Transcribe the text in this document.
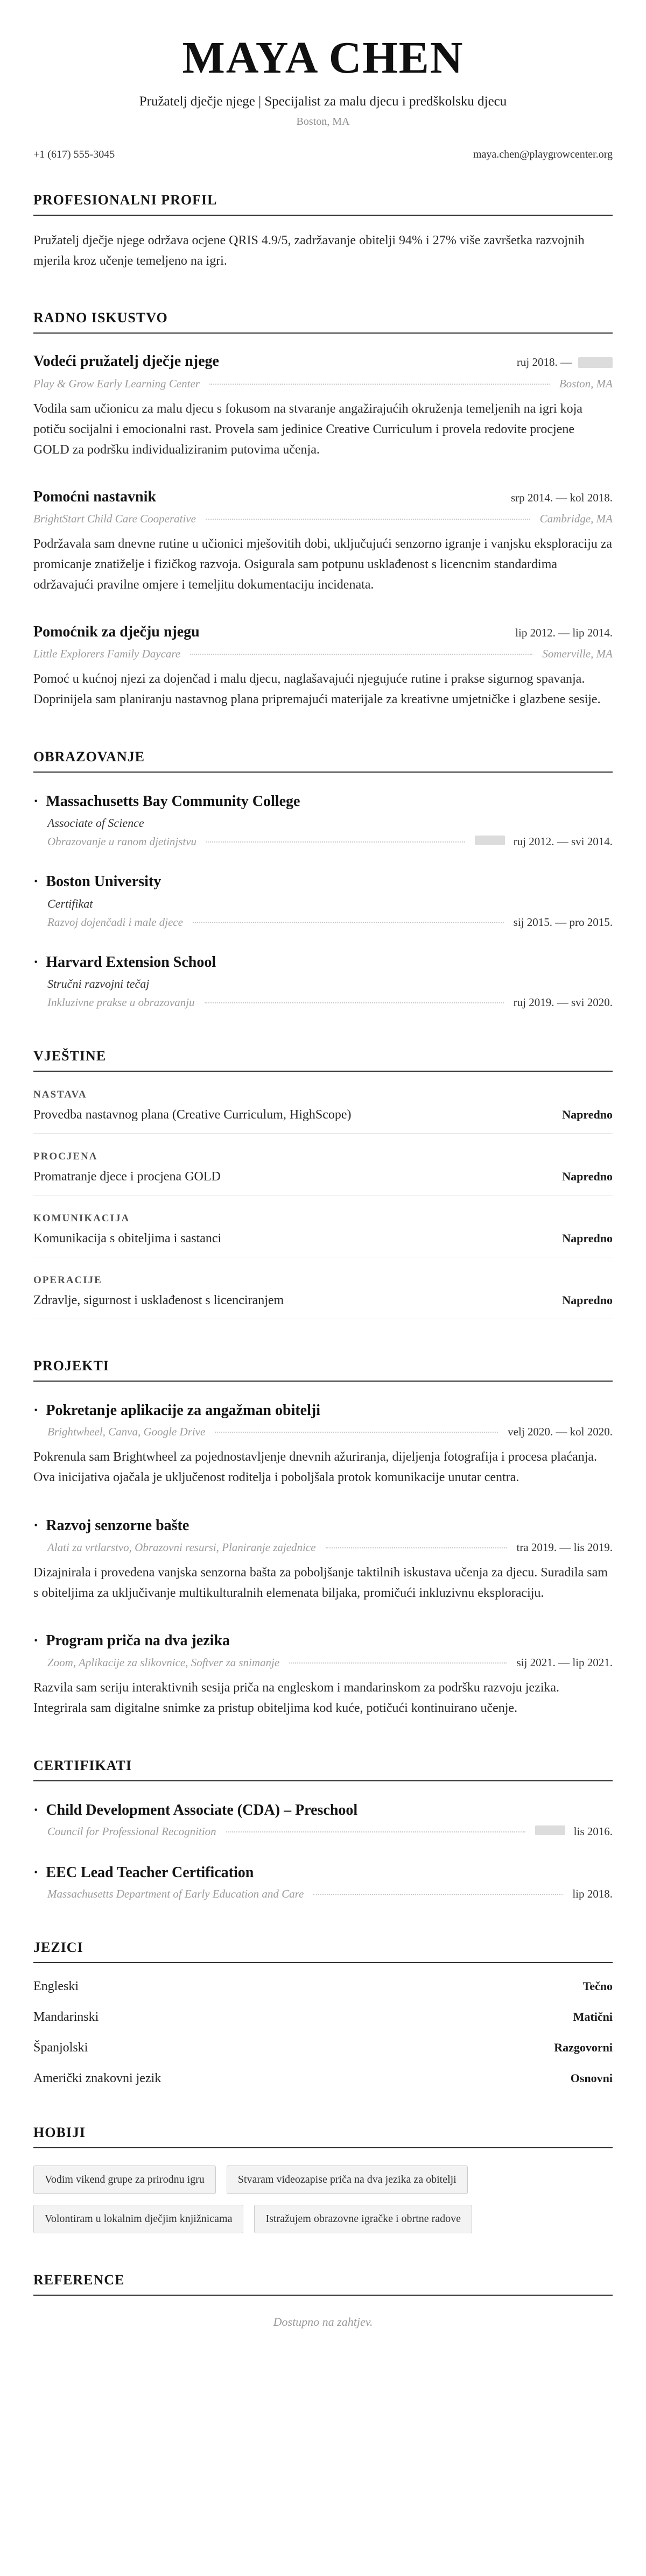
MAYA CHEN
Pružatelj dječje njege | Specijalist za malu djecu i predškolsku djecu
Boston, MA
+1 (617) 555-3045	maya.chen@playgrowcenter.org
PROFESIONALNI PROFIL

Pružatelj dječje njege održava ocjene QRIS 4.9/5, zadržavanje obitelji 94% i 27% više završetka razvojnih mjerila kroz učenje temeljeno na igri.

RADNO ISKUSTVO
Vodeći pružatelj dječje njege	ruj 2018. —
Play & Grow Early Learning Center	Boston, MA

Vodila sam učionicu za malu djecu s fokusom na stvaranje angažirajućih okruženja temeljenih na igri koja potiču socijalni i emocionalni rast. Provela sam jedinice Creative Curriculum i provela redovite procjene GOLD za podršku individualiziranim putovima učenja.

Pomoćni nastavnik	srp 2014. — kol 2018.
BrightStart Child Care Cooperative	Cambridge, MA

Podržavala sam dnevne rutine u učionici mješovitih dobi, uključujući senzorno igranje i vanjsku eksploraciju za promicanje znatiželje i fizičkog razvoja. Osigurala sam potpunu usklađenost s licencnim standardima održavajući pravilne omjere i temeljitu dokumentaciju incidenata.

Pomoćnik za dječju njegu	lip 2012. — lip 2014.
Little Explorers Family Daycare	Somerville, MA

Pomoć u kućnoj njezi za dojenčad i malu djecu, naglašavajući njegujuće rutine i prakse sigurnog spavanja. Doprinijela sam planiranju nastavnog plana pripremajući materijale za kreativne umjetničke i glazbene sesije.

OBRAZOVANJE
· Massachusetts Bay Community College
Associate of Science
Obrazovanje u ranom djetinjstvu	ruj 2012. — svi 2014.
· Boston University
Certifikat
Razvoj dojenčadi i male djece	sij 2015. — pro 2015.
· Harvard Extension School
Stručni razvojni tečaj
Inkluzivne prakse u obrazovanju	ruj 2019. — svi 2020.
VJEŠTINE
NASTAVA
Provedba nastavnog plana (Creative Curriculum, HighScope)	Napredno
PROCJENA
Promatranje djece i procjena GOLD	Napredno
KOMUNIKACIJA
Komunikacija s obiteljima i sastanci	Napredno
OPERACIJE
Zdravlje, sigurnost i usklađenost s licenciranjem	Napredno
PROJEKTI
· Pokretanje aplikacije za angažman obitelji
Brightwheel, Canva, Google Drive	velj 2020. — kol 2020.

Pokrenula sam Brightwheel za pojednostavljenje dnevnih ažuriranja, dijeljenja fotografija i procesa plaćanja. Ova inicijativa ojačala je uključenost roditelja i poboljšala protok komunikacije unutar centra.

· Razvoj senzorne bašte
Alati za vrtlarstvo, Obrazovni resursi, Planiranje zajednice	tra 2019. — lis 2019.

Dizajnirala i provedena vanjska senzorna bašta za poboljšanje taktilnih iskustava učenja za djecu. Suradila sam s obiteljima za uključivanje multikulturalnih elemenata biljaka, promičući inkluzivnu eksploraciju.

· Program priča na dva jezika
Zoom, Aplikacije za slikovnice, Softver za snimanje	sij 2021. — lip 2021.

Razvila sam seriju interaktivnih sesija priča na engleskom i mandarinskom za podršku razvoju jezika. Integrirala sam digitalne snimke za pristup obiteljima kod kuće, potičući kontinuirano učenje.

CERTIFIKATI
· Child Development Associate (CDA) – Preschool
Council for Professional Recognition	lis 2016.
· EEC Lead Teacher Certification
Massachusetts Department of Early Education and Care	lip 2018.
JEZICI
Engleski	Tečno
Mandarinski	Matični
Španjolski	Razgovorni
Američki znakovni jezik	Osnovni
HOBIJI
Vodim vikend grupe za prirodnu igru	Stvaram videozapise priča na dva jezika za obitelji
Volontiram u lokalnim dječjim knjižnicama	Istražujem obrazovne igračke i obrtne radove
REFERENCE
Dostupno na zahtjev.
